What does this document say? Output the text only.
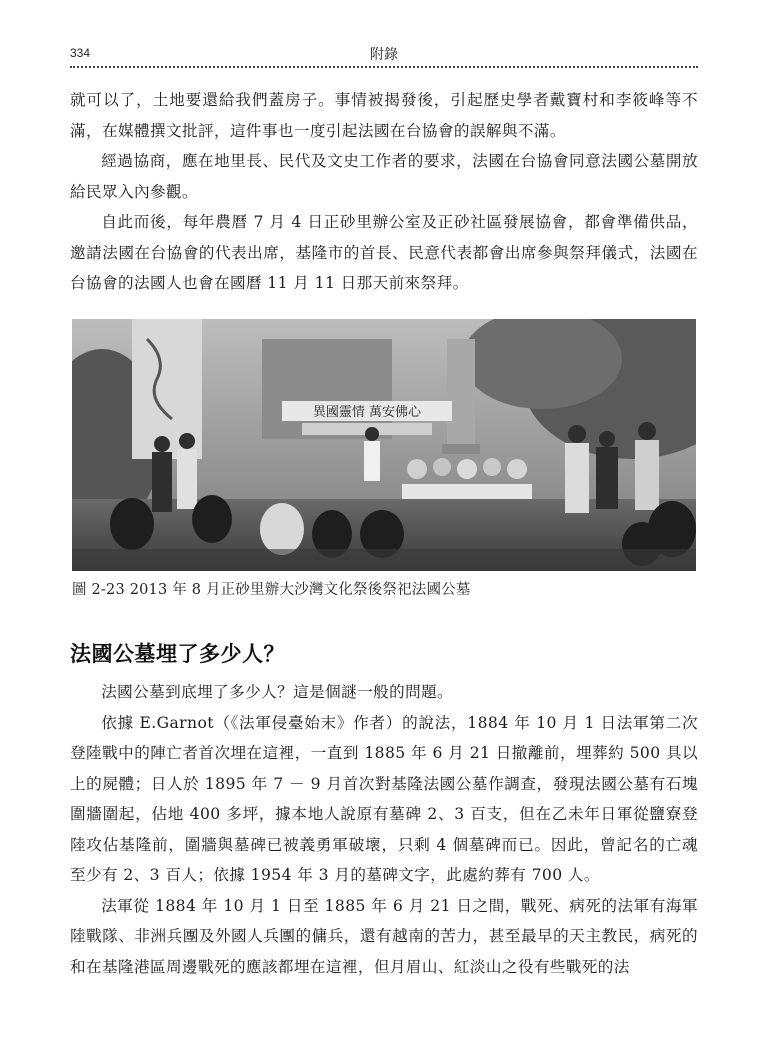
334	附錄

就可以了，土地要還給我們蓋房子。事情被揭發後，引起歷史學者戴寶村和李筱峰等不滿，在媒體撰文批評，這件事也一度引起法國在台協會的誤解與不滿。

經過協商，應在地里長、民代及文史工作者的要求，法國在台協會同意法國公墓開放給民眾入內參觀。

自此而後，每年農曆 7 月 4 日正砂里辦公室及正砂社區發展協會，都會準備供品，邀請法國在台協會的代表出席，基隆市的首長、民意代表都會出席參與祭拜儀式，法國在台協會的法國人也會在國曆 11 月 11 日那天前來祭拜。

異國靈情 萬安佛心
圖 2-23 2013 年 8 月正砂里辦大沙灣文化祭後祭祀法國公墓
法國公墓埋了多少人？

法國公墓到底埋了多少人？這是個謎一般的問題。

依據 E.Garnot（《法軍侵臺始末》作者）的說法，1884 年 10 月 1 日法軍第二次登陸戰中的陣亡者首次埋在這裡，一直到 1885 年 6 月 21 日撤離前，埋葬約 500 具以上的屍體；日人於 1895 年 7 － 9 月首次對基隆法國公墓作調查，發現法國公墓有石塊圍牆圍起，佔地 400 多坪，據本地人說原有墓碑 2、3 百支，但在乙未年日軍從鹽寮登陸攻佔基隆前，圍牆與墓碑已被義勇軍破壞，只剩 4 個墓碑而已。因此，曾記名的亡魂至少有 2、3 百人；依據 1954 年 3 月的墓碑文字，此處約葬有 700 人。

法軍從 1884 年 10 月 1 日至 1885 年 6 月 21 日之間，戰死、病死的法軍有海軍陸戰隊、非洲兵團及外國人兵團的傭兵，還有越南的苦力，甚至最早的天主教民，病死的和在基隆港區周邊戰死的應該都埋在這裡，但月眉山、紅淡山之役有些戰死的法
